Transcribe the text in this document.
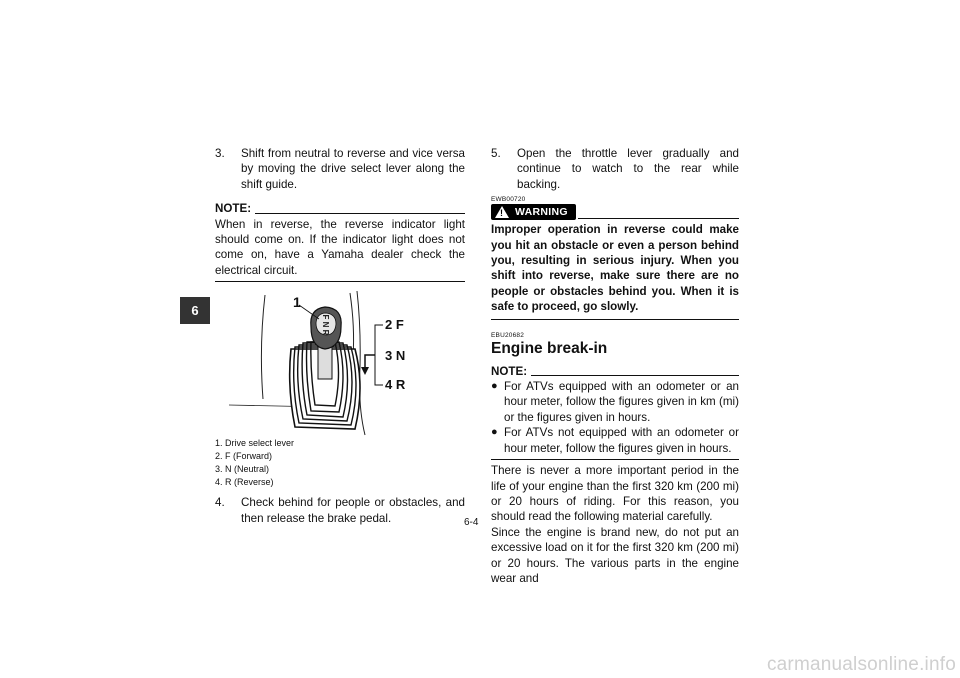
6
3. Shift from neutral to reverse and vice versa by moving the drive select lever along the shift guide.
NOTE:
When in reverse, the reverse indicator light should come on. If the indicator light does not come on, have a Yamaha dealer check the electrical circuit.
F N R
1
2 F
3 N
4 R
1. Drive select lever
2. F (Forward)
3. N (Neutral)
4. R (Reverse)
4. Check behind for people or obstacles, and then release the brake pedal.
5. Open the throttle lever gradually and continue to watch to the rear while backing.
EWB00720
! WARNING
Improper operation in reverse could make you hit an obstacle or even a person behind you, resulting in serious injury. When you shift into reverse, make sure there are no people or obstacles behind you. When it is safe to proceed, go slowly.
EBU20682
Engine break-in
NOTE:
● For ATVs equipped with an odometer or an hour meter, follow the figures given in km (mi) or the figures given in hours.
● For ATVs not equipped with an odometer or hour meter, follow the figures given in hours.
There is never a more important period in the life of your engine than the first 320 km (200 mi) or 20 hours of riding. For this reason, you should read the following material carefully.
Since the engine is brand new, do not put an excessive load on it for the first 320 km (200 mi) or 20 hours. The various parts in the engine wear and
6-4
carmanualsonline.info
